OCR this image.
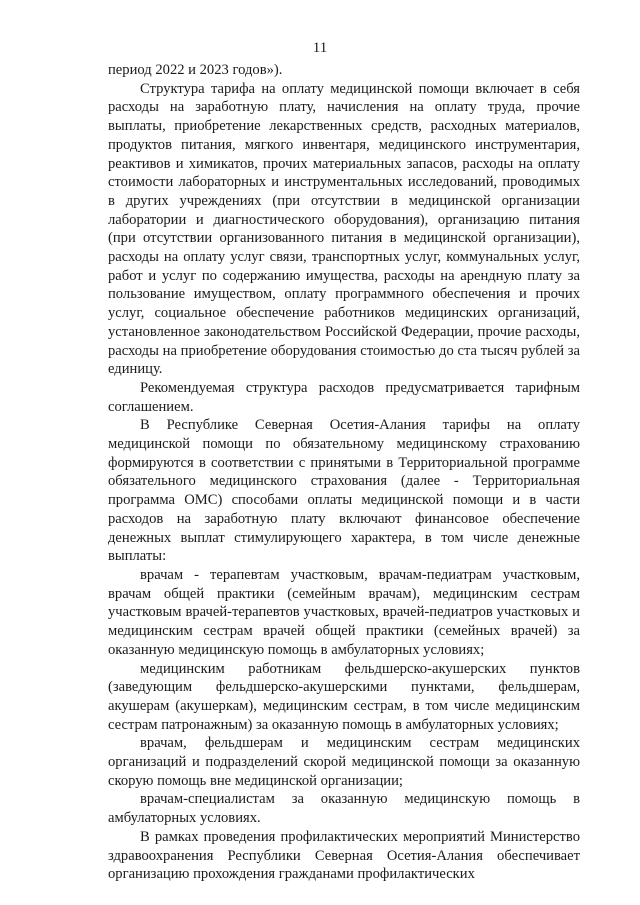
11

период 2022 и 2023 годов»).

Структура тарифа на оплату медицинской помощи включает в себя расходы на заработную плату, начисления на оплату труда, прочие выплаты, приобретение лекарственных средств, расходных материалов, продуктов питания, мягкого инвентаря, медицинского инструментария, реактивов и химикатов, прочих материальных запасов, расходы на оплату стоимости лабораторных и инструментальных исследований, проводимых в других учреждениях (при отсутствии в медицинской организации лаборатории и диагностического оборудования), организацию питания (при отсутствии организованного питания в медицинской организации), расходы на оплату услуг связи, транспортных услуг, коммунальных услуг, работ и услуг по содержанию имущества, расходы на арендную плату за пользование имуществом, оплату программного обеспечения и прочих услуг, социальное обеспечение работников медицинских организаций, установленное законодательством Российской Федерации, прочие расходы, расходы на приобретение оборудования стоимостью до ста тысяч рублей за единицу.

Рекомендуемая структура расходов предусматривается тарифным соглашением.

В Республике Северная Осетия-Алания тарифы на оплату медицинской помощи по обязательному медицинскому страхованию формируются в соответствии с принятыми в Территориальной программе обязательного медицинского страхования (далее - Территориальная программа ОМС) способами оплаты медицинской помощи и в части расходов на заработную плату включают финансовое обеспечение денежных выплат стимулирующего характера, в том числе денежные выплаты:

врачам - терапевтам участковым, врачам-педиатрам участковым, врачам общей практики (семейным врачам), медицинским сестрам участковым врачей-терапевтов участковых, врачей-педиатров участковых и медицинским сестрам врачей общей практики (семейных врачей) за оказанную медицинскую помощь в амбулаторных условиях;

медицинским работникам фельдшерско-акушерских пунктов (заведующим фельдшерско-акушерскими пунктами, фельдшерам, акушерам (акушеркам), медицинским сестрам, в том числе медицинским сестрам патронажным) за оказанную помощь в амбулаторных условиях;

врачам, фельдшерам и медицинским сестрам медицинских организаций и подразделений скорой медицинской помощи за оказанную скорую помощь вне медицинской организации;

врачам-специалистам за оказанную медицинскую помощь в амбулаторных условиях.

В рамках проведения профилактических мероприятий Министерство здравоохранения Республики Северная Осетия-Алания обеспечивает организацию прохождения гражданами профилактических
